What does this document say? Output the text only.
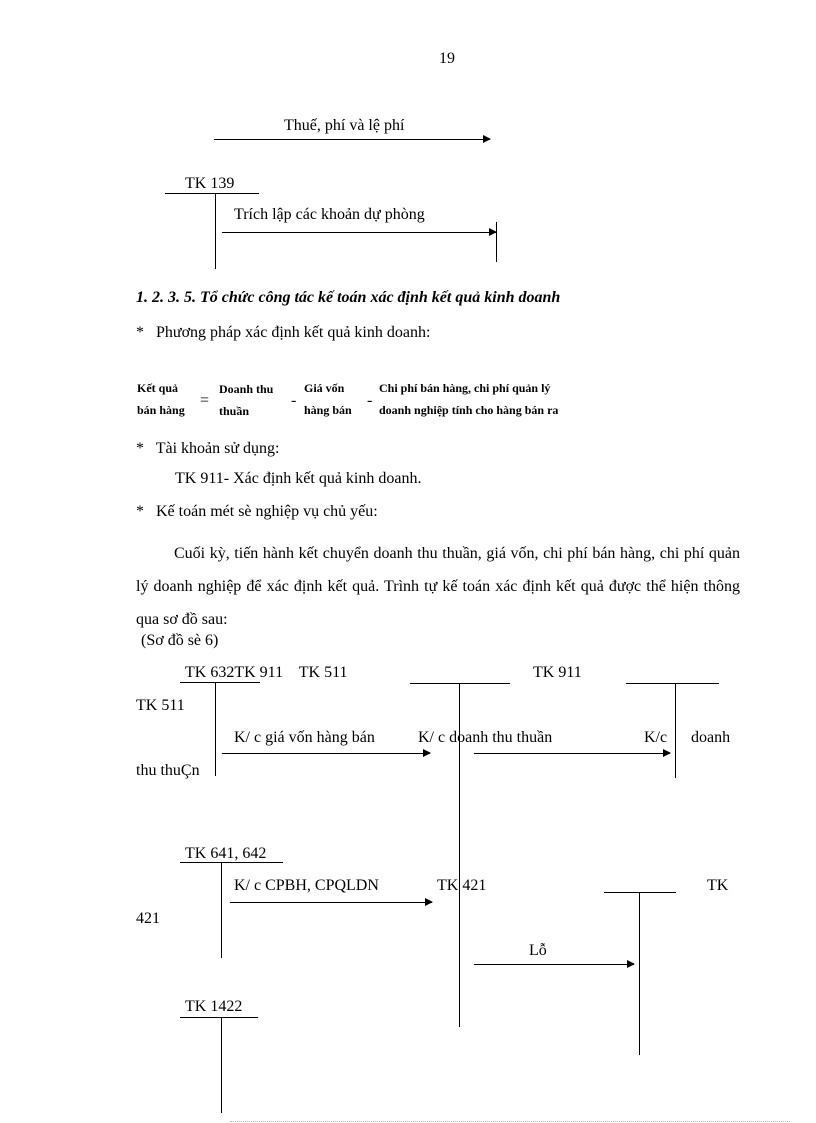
19
Thuế, phí và lệ phí
TK 139
Trích lập các khoản dự phòng
1. 2. 3. 5. Tổ chức công tác kế toán xác định kết quả kinh doanh
*   Phương pháp xác định kết quả kinh doanh:
Kết quả
bán hàng
=
Doanh thu
thuần
-
Giá vốn
hàng bán
-
Chi phí bán hàng, chi phí quản lý
doanh nghiệp tính cho hàng bán ra
*   Tài khoản sử dụng:
TK 911- Xác định kết quả kinh doanh.
*   Kế toán mét sè nghiệp vụ chủ yếu:
Cuối kỳ, tiến hành kết chuyển doanh thu thuần, giá vốn, chi phí bán hàng, chi phí quản lý doanh nghiệp để xác định kết quả. Trình tự kế toán xác định kết quả được thể hiện thông qua sơ đồ sau:
(Sơ đồ sè 6)
TK 632TK 911    TK 511	TK 911
TK 511
K/ c giá vốn hàng bán	K/ c doanh thu thuần	K/c doanh
thu thuÇn
TK 641, 642
K/ c CPBH, CPQLDN	TK 421	TK
421
Lỗ
TK 1422
